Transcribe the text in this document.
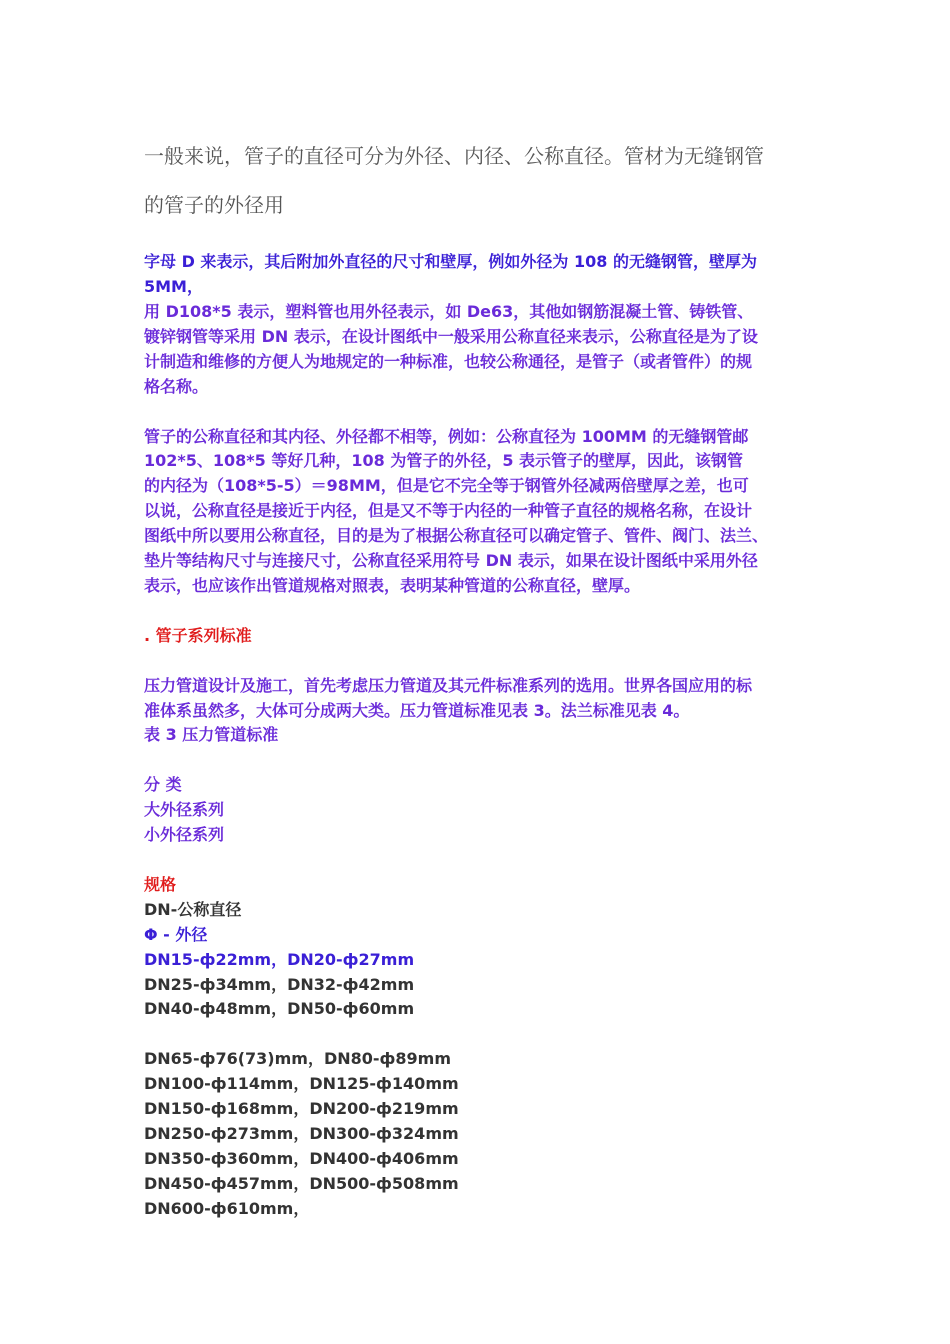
一般来说，管子的直径可分为外径、内径、公称直径。管材为无缝钢管
的管子的外径用
字母 D 来表示，其后附加外直径的尺寸和壁厚，例如外径为 108 的无缝钢管，壁厚为
5MM，
用 D108*5 表示，塑料管也用外径表示，如 De63，其他如钢筋混凝土管、铸铁管、
镀锌钢管等采用 DN 表示，在设计图纸中一般采用公称直径来表示，公称直径是为了设
计制造和维修的方便人为地规定的一种标准，也较公称通径，是管子（或者管件）的规
格名称。
管子的公称直径和其内径、外径都不相等，例如：公称直径为 100MM 的无缝钢管邮
102*5、108*5 等好几种，108 为管子的外径，5 表示管子的壁厚，因此，该钢管
的内径为（108*5-5）＝98MM，但是它不完全等于钢管外径减两倍壁厚之差，也可
以说，公称直径是接近于内径，但是又不等于内径的一种管子直径的规格名称，在设计
图纸中所以要用公称直径，目的是为了根据公称直径可以确定管子、管件、阀门、法兰、
垫片等结构尺寸与连接尺寸，公称直径采用符号 DN 表示，如果在设计图纸中采用外径
表示，也应该作出管道规格对照表，表明某种管道的公称直径，壁厚。
. 管子系列标准
压力管道设计及施工，首先考虑压力管道及其元件标准系列的选用。世界各国应用的标
准体系虽然多，大体可分成两大类。压力管道标准见表 3。法兰标准见表 4。
表 3 压力管道标准
分 类
大外径系列
小外径系列
规格
DN-公称直径
Φ - 外径
DN15-ф22mm，DN20-ф27mm
DN25-ф34mm，DN32-ф42mm
DN40-ф48mm，DN50-ф60mm
DN65-ф76(73)mm，DN80-ф89mm
DN100-ф114mm，DN125-ф140mm
DN150-ф168mm，DN200-ф219mm
DN250-ф273mm，DN300-ф324mm
DN350-ф360mm，DN400-ф406mm
DN450-ф457mm，DN500-ф508mm
DN600-ф610mm，
